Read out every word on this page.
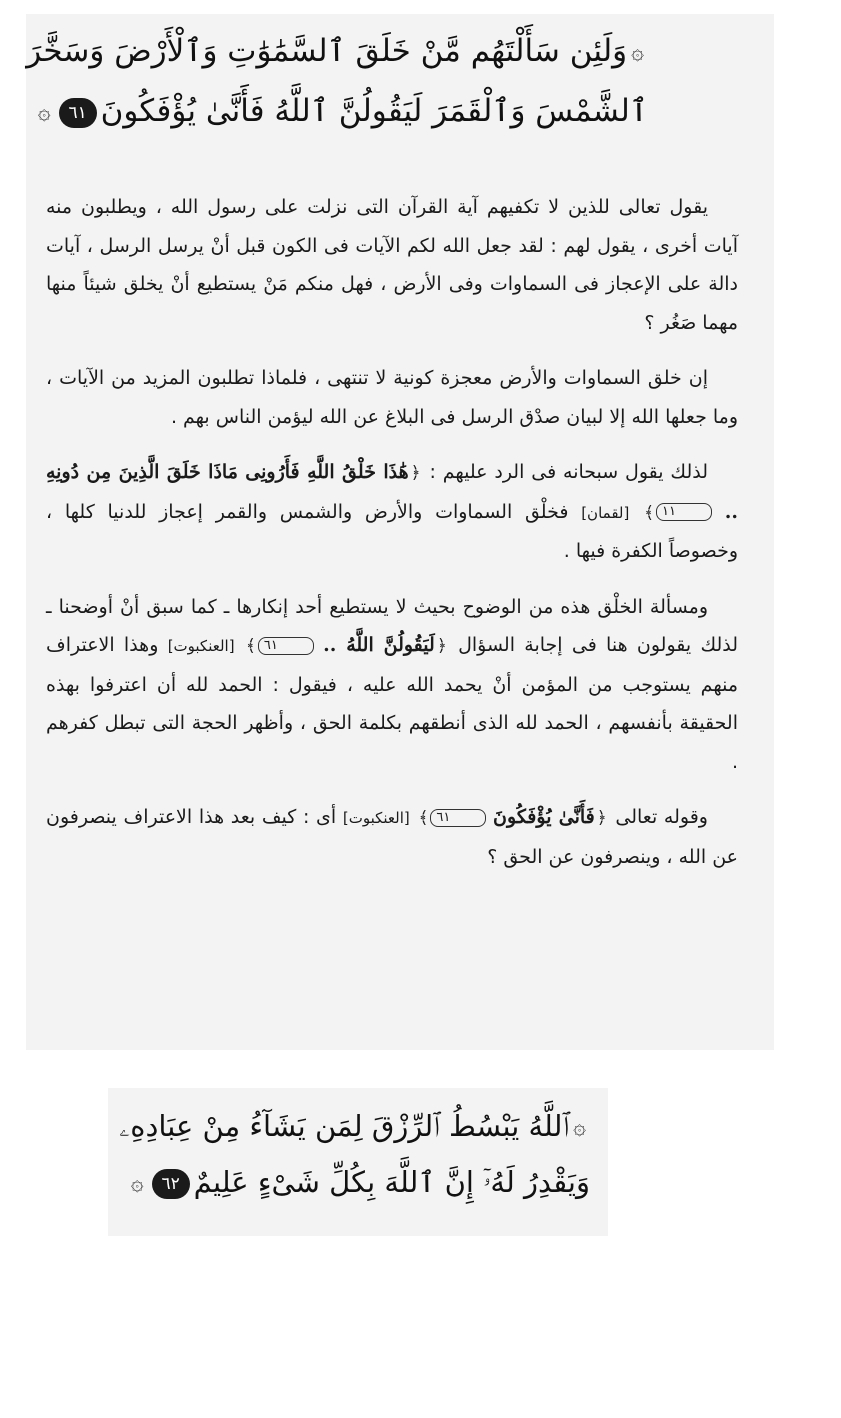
۞وَلَئِن سَأَلْتَهُم مَّنْ خَلَقَ ٱلسَّمَٰوَٰتِ وَٱلْأَرْضَ وَسَخَّرَ
ٱلشَّمْسَ وَٱلْقَمَرَ لَيَقُولُنَّ ٱللَّهُ فَأَنَّىٰ يُؤْفَكُونَ٦١۞

يقول تعالى للذين لا تكفيهم آية القرآن التى نزلت على رسول الله ، ويطلبون منه آيات أخرى ، يقول لهم : لقد جعل الله لكم الآيات فى الكون قبل أنْ يرسل الرسل ، آيات دالة على الإعجاز فى السماوات وفى الأرض ، فهل منكم مَنْ يستطيع أنْ يخلق شيئاً منها مهما صَغُر ؟

إن خلق السماوات والأرض معجزة كونية لا تنتهى ، فلماذا تطلبون المزيد من الآيات ، وما جعلها الله إلا لبيان صدْق الرسل فى البلاغ عن الله ليؤمن الناس بهم .

لذلك يقول سبحانه فى الرد عليهم : ﴿هَٰذَا خَلْقُ اللَّهِ فَأَرُونِى مَاذَا خَلَقَ الَّذِينَ مِن دُونِهِ .. ١١﴾ [لقمان] فخلْق السماوات والأرض والشمس والقمر إعجاز للدنيا كلها ، وخصوصاً الكفرة فيها .

ومسألة الخلْق هذه من الوضوح بحيث لا يستطيع أحد إنكارها ـ كما سبق أنْ أوضحنا ـ لذلك يقولون هنا فى إجابة السؤال ﴿لَيَقُولُنَّ اللَّهُ .. ٦١﴾ [العنكبوت] وهذا الاعتراف منهم يستوجب من المؤمن أنْ يحمد الله عليه ، فيقول : الحمد لله أن اعترفوا بهذه الحقيقة بأنفسهم ، الحمد لله الذى أنطقهم بكلمة الحق ، وأظهر الحجة التى تبطل كفرهم .

وقوله تعالى ﴿فَأَنَّىٰ يُؤْفَكُونَ ٦١﴾ [العنكبوت] أى : كيف بعد هذا الاعتراف ينصرفون عن الله ، وينصرفون عن الحق ؟

۞ٱللَّهُ يَبْسُطُ ٱلرِّزْقَ لِمَن يَشَآءُ مِنْ عِبَادِهِۦ
وَيَقْدِرُ لَهُۥٓ إِنَّ ٱللَّهَ بِكُلِّ شَىْءٍ عَلِيمٌ٦٢۞
